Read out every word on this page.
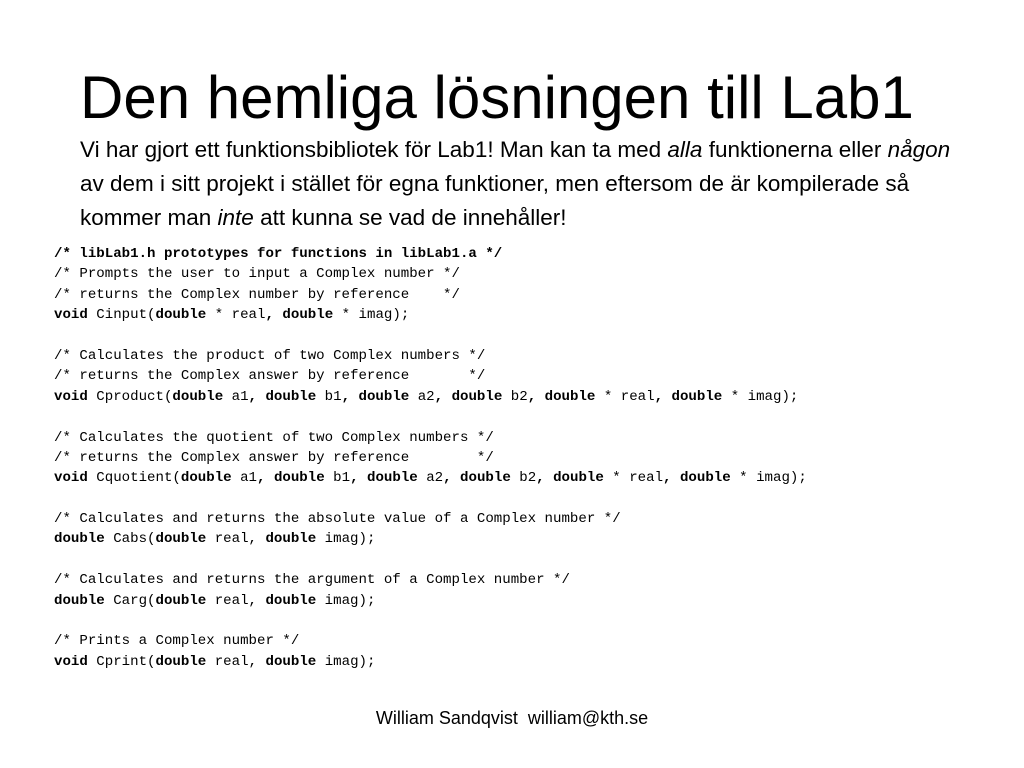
Den hemliga lösningen till Lab1

Vi har gjort ett funktionsbibliotek för Lab1! Man kan ta med alla funktionerna eller någon av dem i sitt projekt i stället för egna funktioner, men eftersom de är kompilerade så kommer man inte att kunna se vad de innehåller!

/* libLab1.h prototypes for functions in libLab1.a */
/* Prompts the user to input a Complex number */
/* returns the Complex number by reference    */
void Cinput(double * real, double * imag);

/* Calculates the product of two Complex numbers */
/* returns the Complex answer by reference       */
void Cproduct(double a1, double b1, double a2, double b2, double * real, double * imag);

/* Calculates the quotient of two Complex numbers */
/* returns the Complex answer by reference        */
void Cquotient(double a1, double b1, double a2, double b2, double * real, double * imag);

/* Calculates and returns the absolute value of a Complex number */
double Cabs(double real, double imag);

/* Calculates and returns the argument of a Complex number */
double Carg(double real, double imag);

/* Prints a Complex number */
void Cprint(double real, double imag);
William Sandqvist  william@kth.se
